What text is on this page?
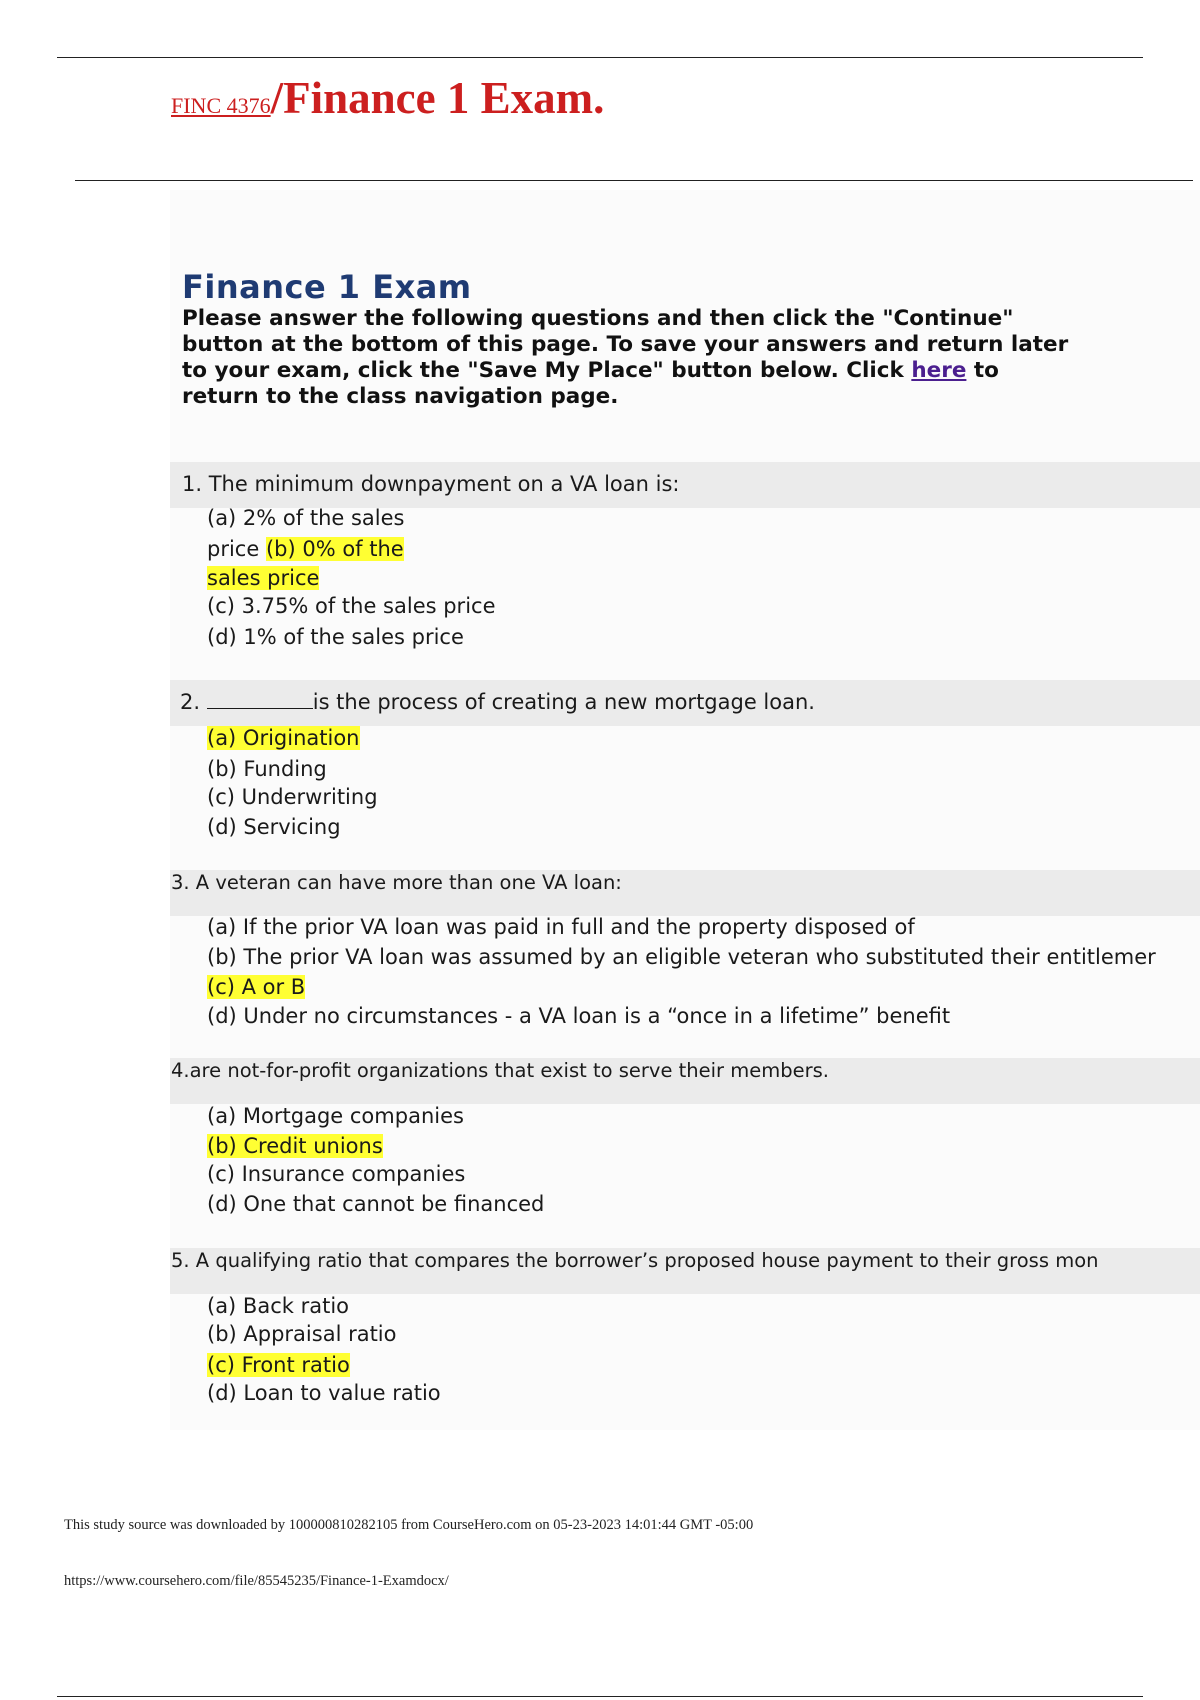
FINC 4376/Finance 1 Exam.
Finance 1 Exam
Please answer the following questions and then click the "Continue" button at the bottom of this page. To save your answers and return later to your exam, click the "Save My Place" button below. Click here to return to the class navigation page.
1. The minimum downpayment on a VA loan is:
(a) 2% of the sales
price (b) 0% of the
sales price
(c) 3.75% of the sales price
(d) 1% of the sales price
2.	is the process of creating a new mortgage loan.
(a) Origination
(b) Funding
(c) Underwriting
(d) Servicing
3. A veteran can have more than one VA loan:
(a) If the prior VA loan was paid in full and the property disposed of
(b) The prior VA loan was assumed by an eligible veteran who substituted their entitlemer
(c) A or B
(d) Under no circumstances - a VA loan is a “once in a lifetime” benefit
4.are not-for-profit organizations that exist to serve their members.
(a) Mortgage companies
(b) Credit unions
(c) Insurance companies
(d) One that cannot be financed
5. A qualifying ratio that compares the borrower’s proposed house payment to their gross mon
(a) Back ratio
(b) Appraisal ratio
(c) Front ratio
(d) Loan to value ratio
This study source was downloaded by 100000810282105 from CourseHero.com on 05-23-2023 14:01:44 GMT -05:00
https://www.coursehero.com/file/85545235/Finance-1-Examdocx/
